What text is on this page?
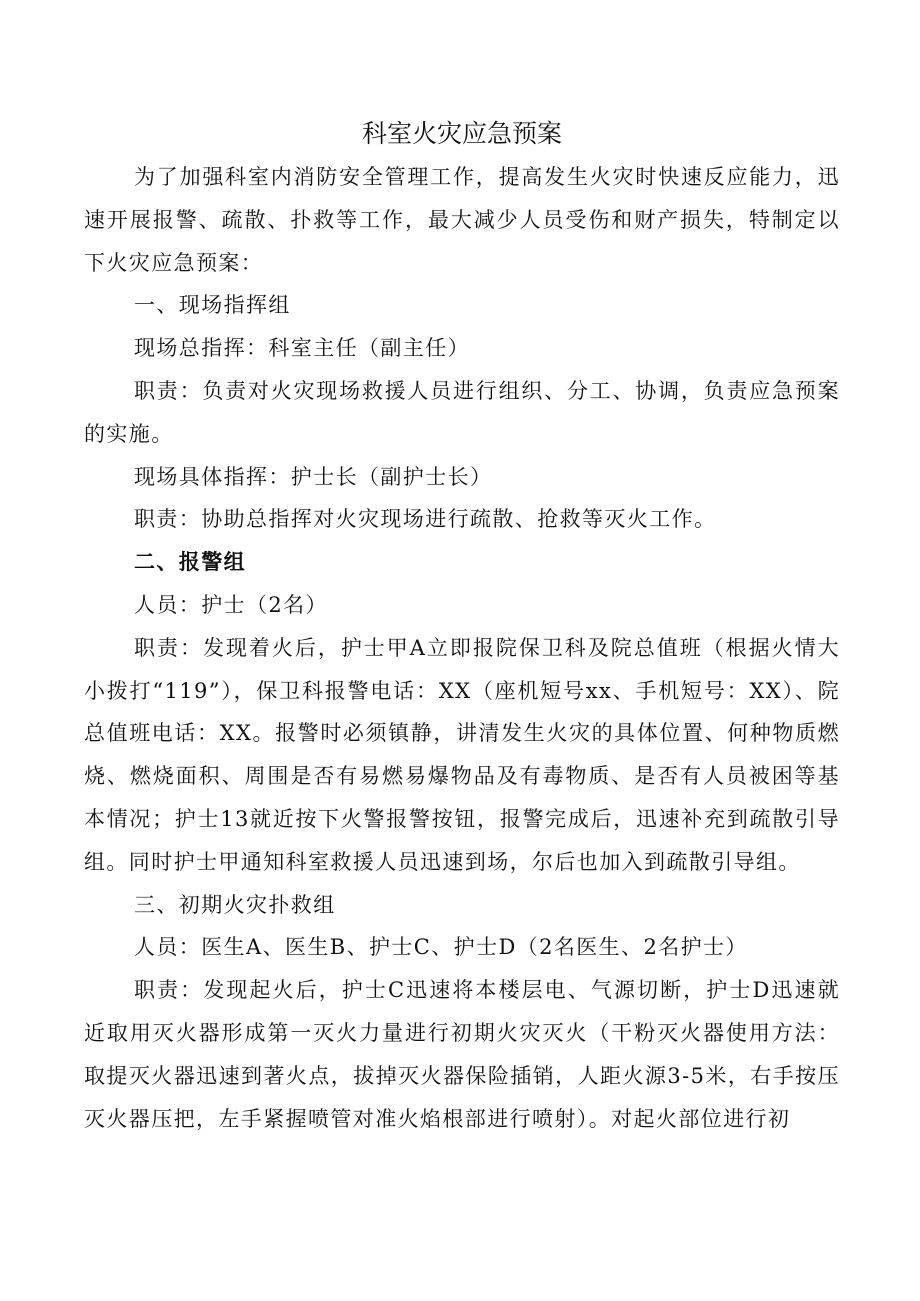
科室火灾应急预案

为了加强科室内消防安全管理工作，提高发生火灾时快速反应能力，迅速开展报警、疏散、扑救等工作，最大减少人员受伤和财产损失，特制定以下火灾应急预案：

一、现场指挥组

现场总指挥：科室主任（副主任）

职责：负责对火灾现场救援人员进行组织、分工、协调，负责应急预案的实施。

现场具体指挥：护士长（副护士长）

职责：协助总指挥对火灾现场进行疏散、抢救等灭火工作。

二、报警组

人员：护士（2名）

职责：发现着火后，护士甲A立即报院保卫科及院总值班（根据火情大小拨打“119”），保卫科报警电话：XX（座机短号xx、手机短号：XX）、院总值班电话：XX。报警时必须镇静，讲清发生火灾的具体位置、何种物质燃烧、燃烧面积、周围是否有易燃易爆物品及有毒物质、是否有人员被困等基本情况；护士13就近按下火警报警按钮，报警完成后，迅速补充到疏散引导组。同时护士甲通知科室救援人员迅速到场，尔后也加入到疏散引导组。

三、初期火灾扑救组

人员：医生A、医生B、护士C、护士D（2名医生、2名护士）

职责：发现起火后，护士C迅速将本楼层电、气源切断，护士D迅速就近取用灭火器形成第一灭火力量进行初期火灾灭火（干粉灭火器使用方法：取提灭火器迅速到著火点，拔掉灭火器保险插销，人距火源3-5米，右手按压灭火器压把，左手紧握喷管对准火焰根部进行喷射）。对起火部位进行初
